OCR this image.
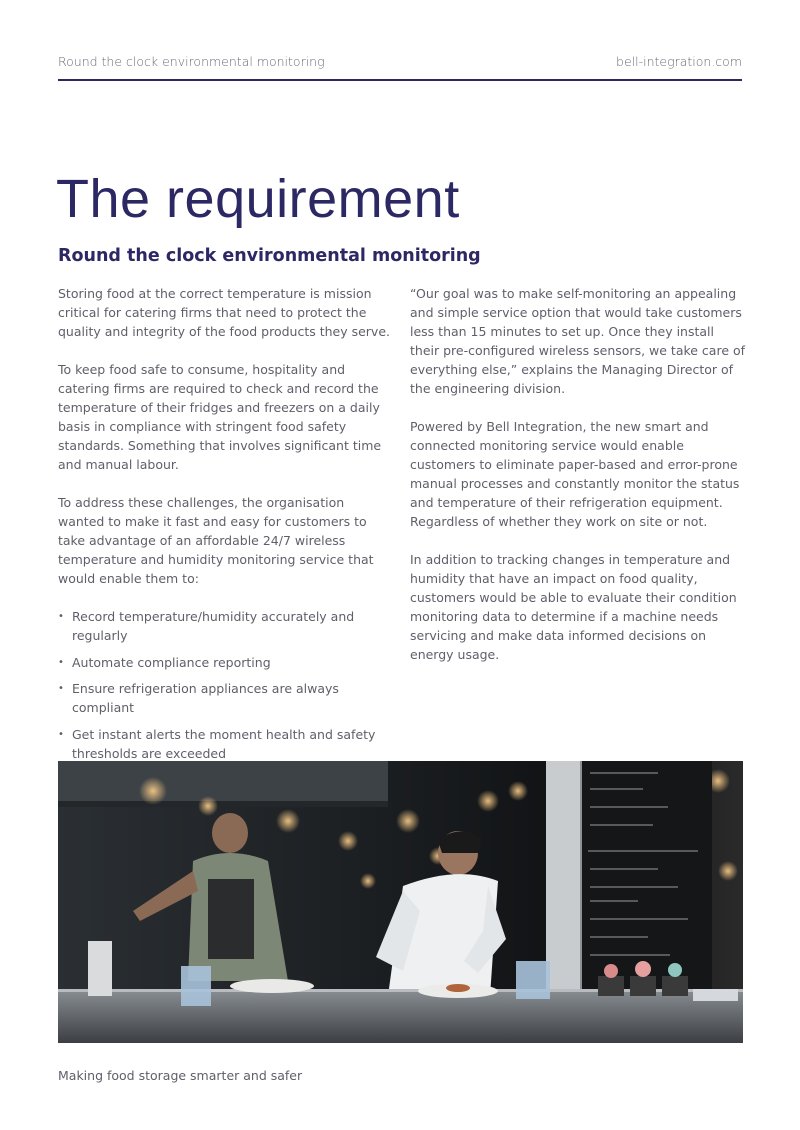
Round the clock environmental monitoring	bell-integration.com
The requirement
Round the clock environmental monitoring

Storing food at the correct temperature is mission critical for catering firms that need to protect the quality and integrity of the food products they serve.

To keep food safe to consume, hospitality and catering firms are required to check and record the temperature of their fridges and freezers on a daily basis in compliance with stringent food safety standards. Something that involves significant time and manual labour.

To address these challenges, the organisation wanted to make it fast and easy for customers to take advantage of an affordable 24/7 wireless temperature and humidity monitoring service that would enable them to:

• Record temperature/humidity accurately and regularly
• Automate compliance reporting
• Ensure refrigeration appliances are always compliant
• Get instant alerts the moment health and safety thresholds are exceeded

“Our goal was to make self-monitoring an appealing and simple service option that would take customers less than 15 minutes to set up. Once they install their pre-configured wireless sensors, we take care of everything else,” explains the Managing Director of the engineering division.

Powered by Bell Integration, the new smart and connected monitoring service would enable customers to eliminate paper-based and error-prone manual processes and constantly monitor the status and temperature of their refrigeration equipment. Regardless of whether they work on site or not.

In addition to tracking changes in temperature and humidity that have an impact on food quality, customers would be able to evaluate their condition monitoring data to determine if a machine needs servicing and make data informed decisions on energy usage.

Making food storage smarter and safer
